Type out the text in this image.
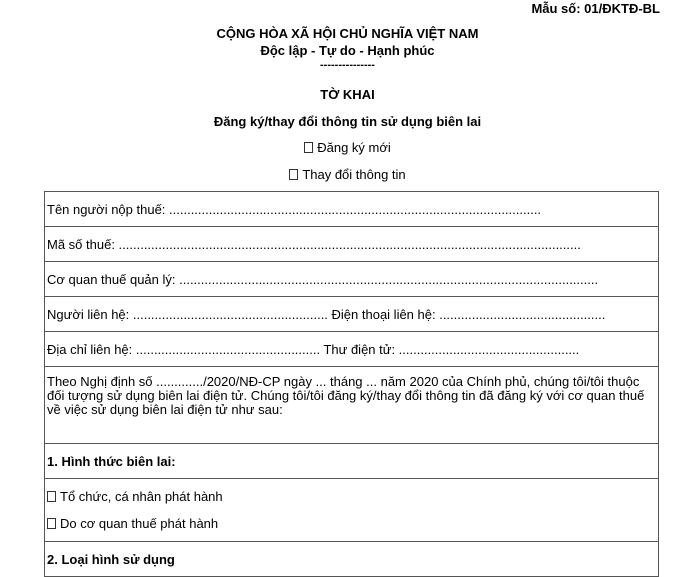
Mẫu số: 01/ĐKTĐ-BL
CỘNG HÒA XÃ HỘI CHỦ NGHĨA VIỆT NAM
Độc lập - Tự do - Hạnh phúc
---------------
TỜ KHAI
Đăng ký/thay đổi thông tin sử dụng biên lai
Đăng ký mới
Thay đổi thông tin
Tên người nộp thuế: .......................................................................................................
Mã số thuế: ................................................................................................................................
Cơ quan thuế quản lý: ....................................................................................................................
Người liên hệ: ...................................................... Điện thoại liên hệ: ..............................................
Địa chỉ liên hệ: ................................................... Thư điện tử: ..................................................
Theo Nghị định số ............./2020/NĐ-CP ngày ... tháng ... năm 2020 của Chính phủ, chúng tôi/tôi thuộc đối tượng sử dụng biên lai điện tử. Chúng tôi/tôi đăng ký/thay đổi thông tin đã đăng ký với cơ quan thuế về việc sử dụng biên lai điện tử như sau:
1. Hình thức biên lai:

Tổ chức, cá nhân phát hành
Do cơ quan thuế phát hành

2. Loại hình sử dụng
